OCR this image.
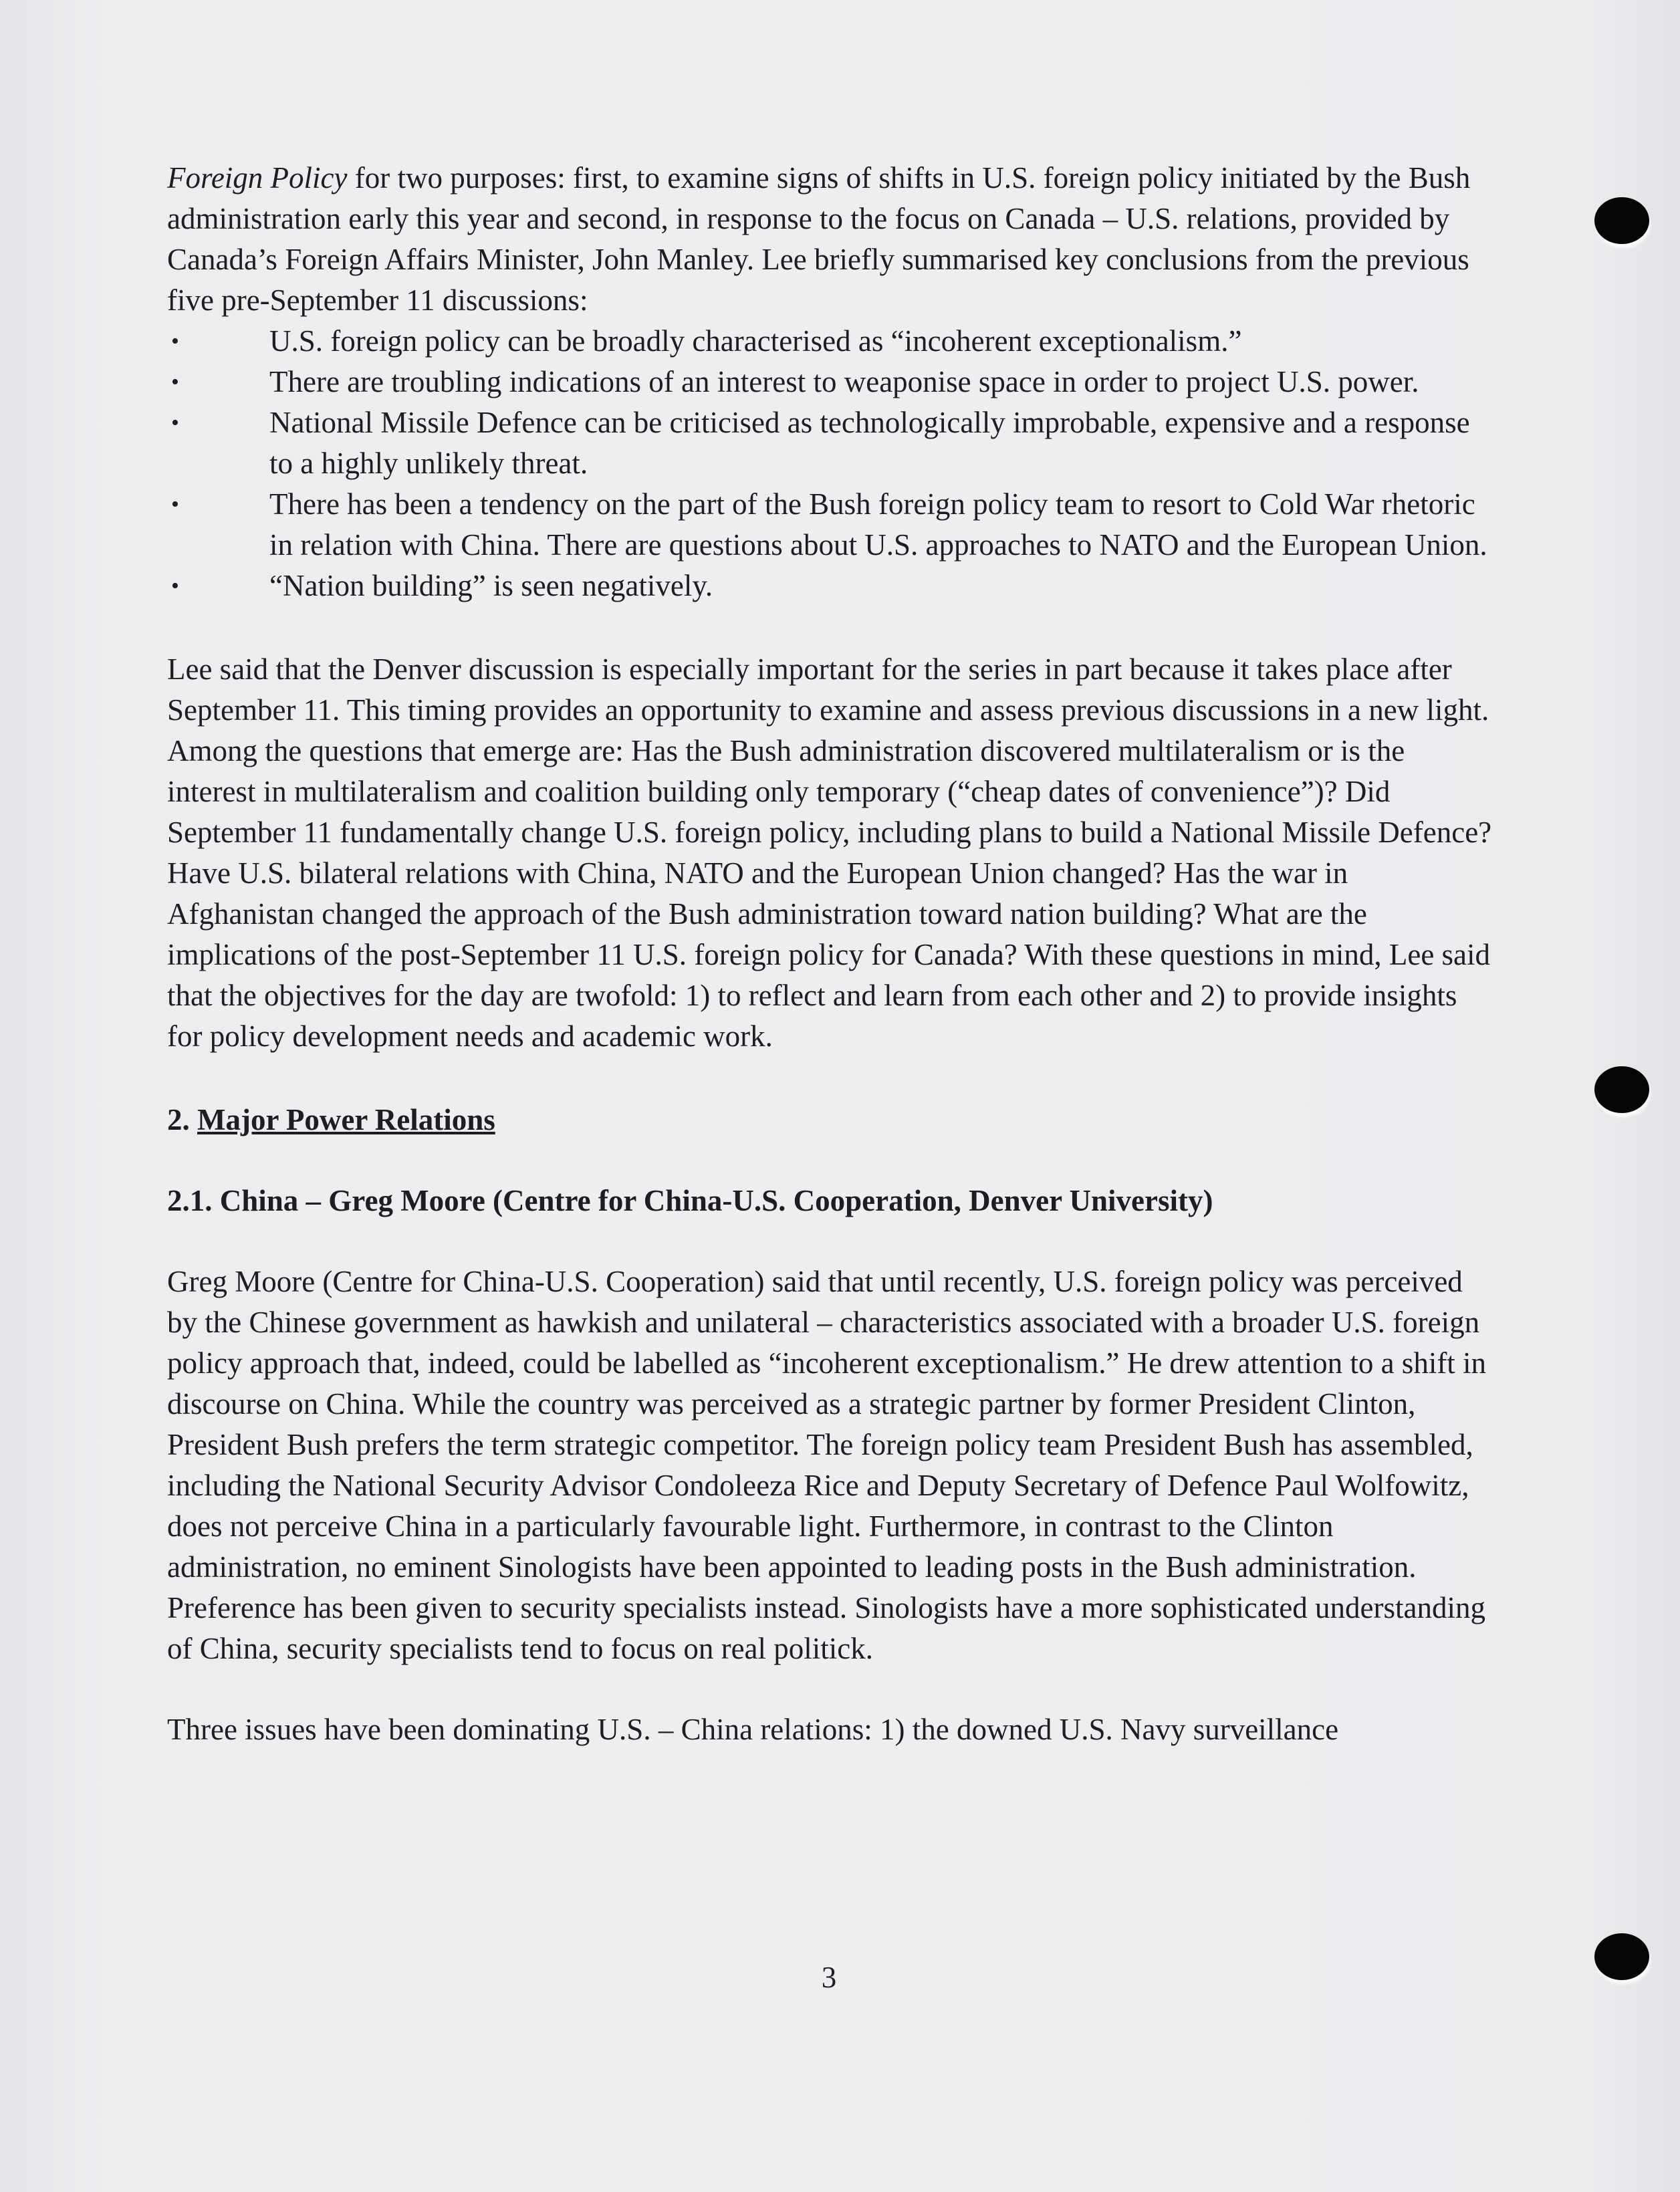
Foreign Policy for two purposes: first, to examine signs of shifts in U.S. foreign policy initiated by the Bush administration early this year and second, in response to the focus on Canada – U.S. relations, provided by Canada’s Foreign Affairs Minister, John Manley. Lee briefly summarised key conclusions from the previous five pre-September 11 discussions:

•	U.S. foreign policy can be broadly characterised as “incoherent exceptionalism.”
•	There are troubling indications of an interest to weaponise space in order to project U.S. power.
•	National Missile Defence can be criticised as technologically improbable, expensive and a response to a highly unlikely threat.
•	There has been a tendency on the part of the Bush foreign policy team to resort to Cold War rhetoric in relation with China. There are questions about U.S. approaches to NATO and the European Union.
•	“Nation building” is seen negatively.

Lee said that the Denver discussion is especially important for the series in part because it takes place after September 11. This timing provides an opportunity to examine and assess previous discussions in a new light. Among the questions that emerge are: Has the Bush administration discovered multilateralism or is the interest in multilateralism and coalition building only temporary (“cheap dates of convenience”)? Did September 11 fundamentally change U.S. foreign policy, including plans to build a National Missile Defence? Have U.S. bilateral relations with China, NATO and the European Union changed? Has the war in Afghanistan changed the approach of the Bush administration toward nation building? What are the implications of the post-September 11 U.S. foreign policy for Canada? With these questions in mind, Lee said that the objectives for the day are twofold: 1) to reflect and learn from each other and 2) to provide insights for policy development needs and academic work.

2. Major Power Relations

2.1. China – Greg Moore (Centre for China-U.S. Cooperation, Denver University)

Greg Moore (Centre for China-U.S. Cooperation) said that until recently, U.S. foreign policy was perceived by the Chinese government as hawkish and unilateral – characteristics associated with a broader U.S. foreign policy approach that, indeed, could be labelled as “incoherent exceptionalism.” He drew attention to a shift in discourse on China. While the country was perceived as a strategic partner by former President Clinton, President Bush prefers the term strategic competitor. The foreign policy team President Bush has assembled, including the National Security Advisor Condoleeza Rice and Deputy Secretary of Defence Paul Wolfowitz, does not perceive China in a particularly favourable light. Furthermore, in contrast to the Clinton administration, no eminent Sinologists have been appointed to leading posts in the Bush administration. Preference has been given to security specialists instead. Sinologists have a more sophisticated understanding of China, security specialists tend to focus on real politick.

Three issues have been dominating U.S. – China relations: 1) the downed U.S. Navy surveillance

3
